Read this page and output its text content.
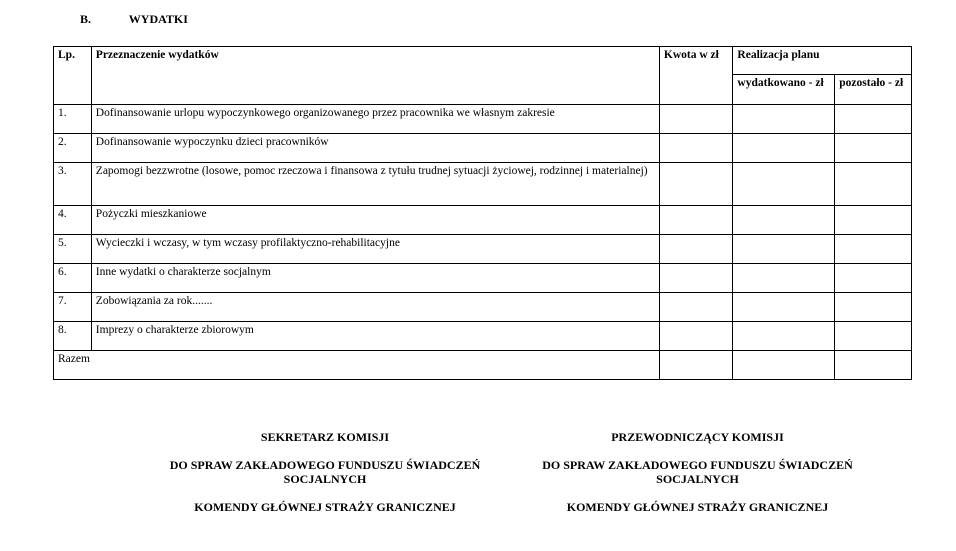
B.	WYDATKI
Lp.	Przeznaczenie wydatków	Kwota w zł	Realizacja planu	
			wydatkowano - zł	pozostało - zł
1.	Dofinansowanie urlopu wypoczynkowego organizowanego przez pracownika we własnym zakresie			
2.	Dofinansowanie wypoczynku dzieci pracowników			
3.	Zapomogi bezzwrotne (losowe, pomoc rzeczowa i finansowa z tytułu trudnej sytuacji życiowej, rodzinnej i materialnej)			
4.	Pożyczki mieszkaniowe			
5.	Wycieczki i wczasy, w tym wczasy profilaktyczno-rehabilitacyjne			
6.	Inne wydatki o charakterze socjalnym			
7.	Zobowiązania za rok.......			
8.	Imprezy o charakterze zbiorowym			
Razem				
SEKRETARZ KOMISJI
DO SPRAW ZAKŁADOWEGO FUNDUSZU ŚWIADCZEŃ SOCJALNYCH
KOMENDY GŁÓWNEJ STRAŻY GRANICZNEJ
PRZEWODNICZĄCY KOMISJI
DO SPRAW ZAKŁADOWEGO FUNDUSZU ŚWIADCZEŃ SOCJALNYCH
KOMENDY GŁÓWNEJ STRAŻY GRANICZNEJ
